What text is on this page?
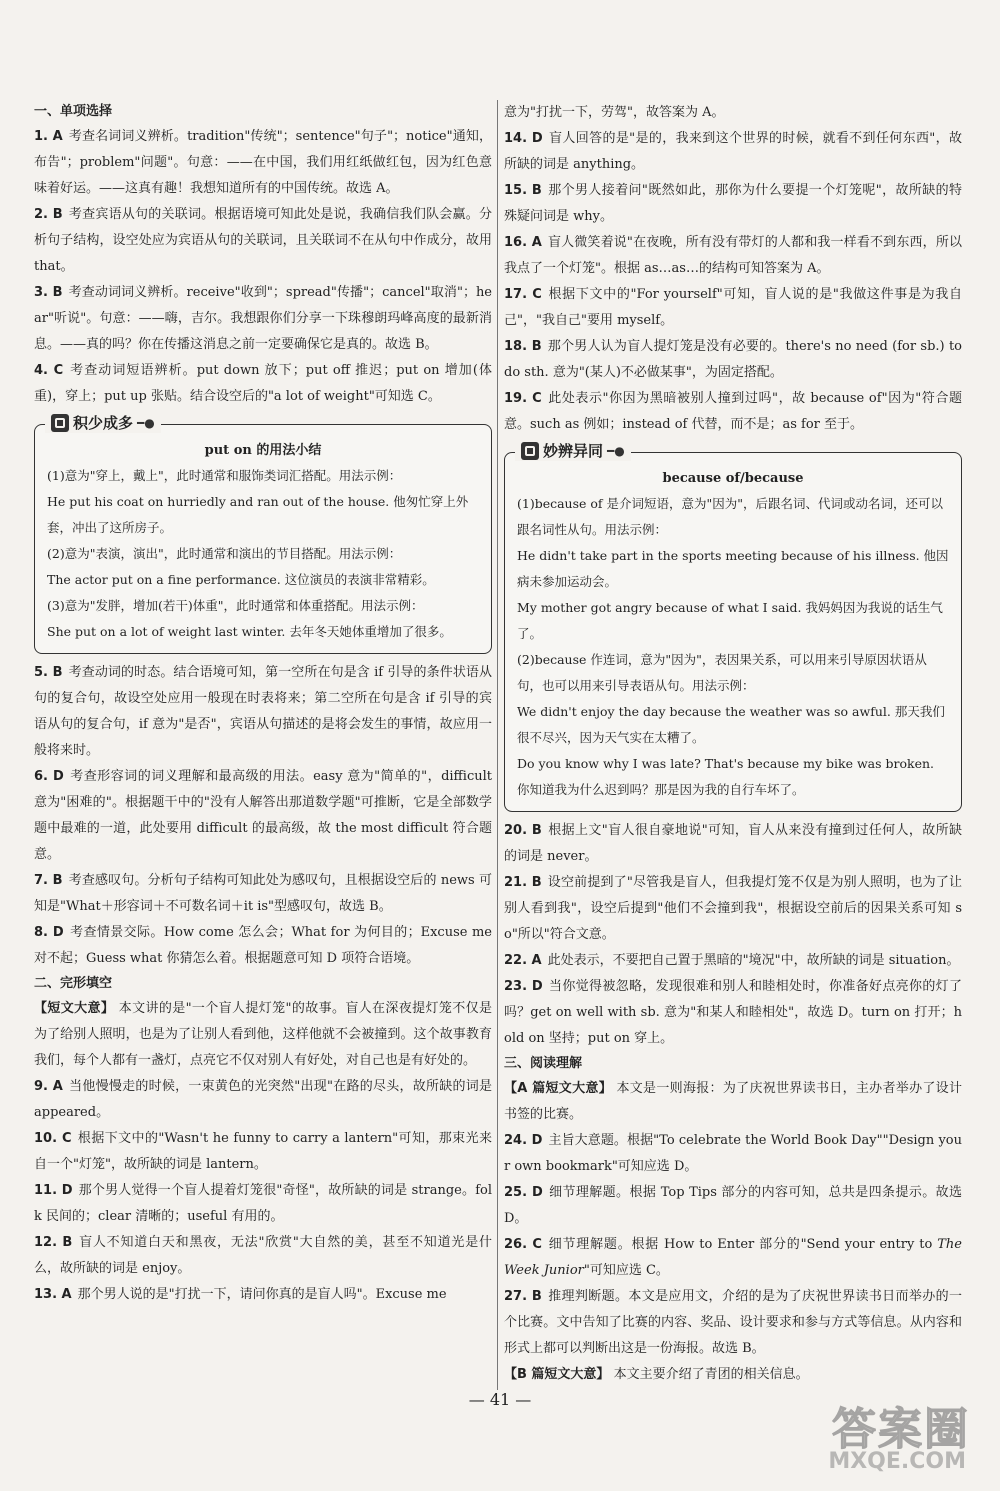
一、单项选择

1. A 考查名词词义辨析。tradition"传统"；sentence"句子"；notice"通知，布告"；problem"问题"。句意：——在中国，我们用红纸做红包，因为红色意味着好运。——这真有趣！我想知道所有的中国传统。故选 A。

2. B 考查宾语从句的关联词。根据语境可知此处是说，我确信我们队会赢。分析句子结构，设空处应为宾语从句的关联词，且关联词不在从句中作成分，故用 that。

3. B 考查动词词义辨析。receive"收到"；spread"传播"；cancel"取消"；hear"听说"。句意：——嗨，吉尔。我想跟你们分享一下珠穆朗玛峰高度的最新消息。——真的吗？你在传播这消息之前一定要确保它是真的。故选 B。

4. C 考查动词短语辨析。put down 放下；put off 推迟；put on 增加(体重)，穿上；put up 张贴。结合设空后的"a lot of weight"可知选 C。

积少成多 ━●

put on 的用法小结

(1)意为"穿上，戴上"，此时通常和服饰类词汇搭配。用法示例：

He put his coat on hurriedly and ran out of the house. 他匆忙穿上外套，冲出了这所房子。

(2)意为"表演，演出"，此时通常和演出的节目搭配。用法示例：

The actor put on a fine performance. 这位演员的表演非常精彩。

(3)意为"发胖，增加(若干)体重"，此时通常和体重搭配。用法示例：

She put on a lot of weight last winter. 去年冬天她体重增加了很多。

5. B 考查动词的时态。结合语境可知，第一空所在句是含 if 引导的条件状语从句的复合句，故设空处应用一般现在时表将来；第二空所在句是含 if 引导的宾语从句的复合句，if 意为"是否"，宾语从句描述的是将会发生的事情，故应用一般将来时。

6. D 考查形容词的词义理解和最高级的用法。easy 意为"简单的"，difficult 意为"困难的"。根据题干中的"没有人解答出那道数学题"可推断，它是全部数学题中最难的一道，此处要用 difficult 的最高级，故 the most difficult 符合题意。

7. B 考查感叹句。分析句子结构可知此处为感叹句，且根据设空后的 news 可知是"What＋形容词＋不可数名词＋it is"型感叹句，故选 B。

8. D 考查情景交际。How come 怎么会；What for 为何目的；Excuse me 对不起；Guess what 你猜怎么着。根据题意可知 D 项符合语境。

二、完形填空

【短文大意】 本文讲的是"一个盲人提灯笼"的故事。盲人在深夜提灯笼不仅是为了给别人照明，也是为了让别人看到他，这样他就不会被撞到。这个故事教育我们，每个人都有一盏灯，点亮它不仅对别人有好处，对自己也是有好处的。

9. A 当他慢慢走的时候，一束黄色的光突然"出现"在路的尽头，故所缺的词是 appeared。

10. C 根据下文中的"Wasn't he funny to carry a lantern"可知，那束光来自一个"灯笼"，故所缺的词是 lantern。

11. D 那个男人觉得一个盲人提着灯笼很"奇怪"，故所缺的词是 strange。folk 民间的；clear 清晰的；useful 有用的。

12. B 盲人不知道白天和黑夜，无法"欣赏"大自然的美，甚至不知道光是什么，故所缺的词是 enjoy。

13. A 那个男人说的是"打扰一下，请问你真的是盲人吗"。Excuse me

意为"打扰一下，劳驾"，故答案为 A。

14. D 盲人回答的是"是的，我来到这个世界的时候，就看不到任何东西"，故所缺的词是 anything。

15. B 那个男人接着问"既然如此，那你为什么要提一个灯笼呢"，故所缺的特殊疑问词是 why。

16. A 盲人微笑着说"在夜晚，所有没有带灯的人都和我一样看不到东西，所以我点了一个灯笼"。根据 as…as…的结构可知答案为 A。

17. C 根据下文中的"For yourself"可知，盲人说的是"我做这件事是为我自己"，"我自己"要用 myself。

18. B 那个男人认为盲人提灯笼是没有必要的。there's no need (for sb.) to do sth. 意为"(某人)不必做某事"，为固定搭配。

19. C 此处表示"你因为黑暗被别人撞到过吗"，故 because of"因为"符合题意。such as 例如；instead of 代替，而不是；as for 至于。

妙辨异同 ━●

because of/because

(1)because of 是介词短语，意为"因为"，后跟名词、代词或动名词，还可以跟名词性从句。用法示例：

He didn't take part in the sports meeting because of his illness. 他因病未参加运动会。

My mother got angry because of what I said. 我妈妈因为我说的话生气了。

(2)because 作连词，意为"因为"，表因果关系，可以用来引导原因状语从句，也可以用来引导表语从句。用法示例：

We didn't enjoy the day because the weather was so awful. 那天我们很不尽兴，因为天气实在太糟了。

Do you know why I was late? That's because my bike was broken. 你知道我为什么迟到吗？那是因为我的自行车坏了。

20. B 根据上文"盲人很自豪地说"可知，盲人从来没有撞到过任何人，故所缺的词是 never。

21. B 设空前提到了"尽管我是盲人，但我提灯笼不仅是为别人照明，也为了让别人看到我"，设空后提到"他们不会撞到我"，根据设空前后的因果关系可知 so"所以"符合文意。

22. A 此处表示，不要把自己置于黑暗的"境况"中，故所缺的词是 situation。

23. D 当你觉得被忽略，发现很难和别人和睦相处时，你准备好点亮你的灯了吗？get on well with sb. 意为"和某人和睦相处"，故选 D。turn on 打开；hold on 坚持；put on 穿上。

三、阅读理解

【A 篇短文大意】 本文是一则海报：为了庆祝世界读书日，主办者举办了设计书签的比赛。

24. D 主旨大意题。根据"To celebrate the World Book Day""Design your own bookmark"可知应选 D。

25. D 细节理解题。根据 Top Tips 部分的内容可知，总共是四条提示。故选 D。

26. C 细节理解题。根据 How to Enter 部分的"Send your entry to The Week Junior"可知应选 C。

27. B 推理判断题。本文是应用文，介绍的是为了庆祝世界读书日而举办的一个比赛。文中告知了比赛的内容、奖品、设计要求和参与方式等信息。从内容和形式上都可以判断出这是一份海报。故选 B。

【B 篇短文大意】 本文主要介绍了青团的相关信息。

— 41 —
答案圈
MXQE.COM
